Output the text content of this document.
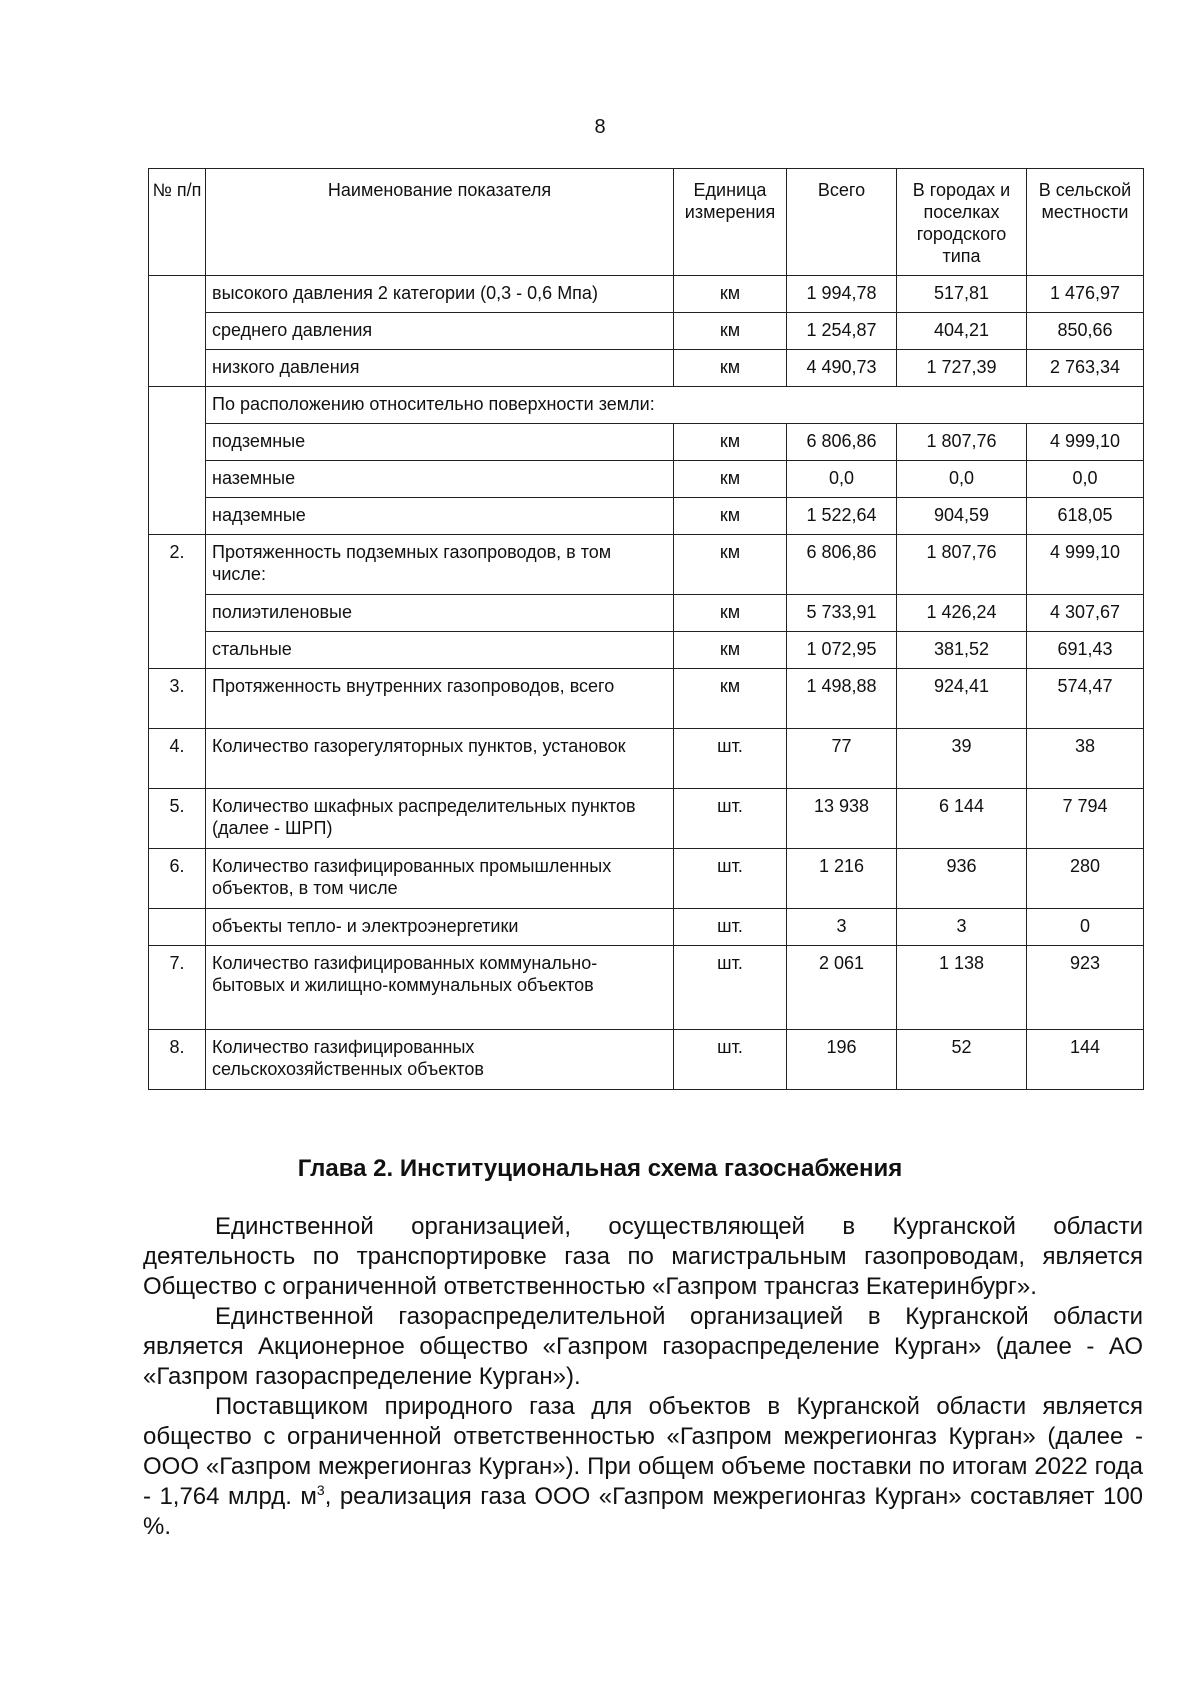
8
№ п/п	Наименование показателя	Единица измерения	Всего	В городах и поселках городского типа	В сельской местности
	высокого давления 2 категории (0,3 - 0,6 Мпа)	км	1 994,78	517,81	1 476,97
	среднего давления	км	1 254,87	404,21	850,66
	низкого давления	км	4 490,73	1 727,39	2 763,34
	По расположению относительно поверхности земли:				
	подземные	км	6 806,86	1 807,76	4 999,10
	наземные	км	0,0	0,0	0,0
	надземные	км	1 522,64	904,59	618,05
2.	Протяженность подземных газопроводов, в том числе:	км	6 806,86	1 807,76	4 999,10
	полиэтиленовые	км	5 733,91	1 426,24	4 307,67
	стальные	км	1 072,95	381,52	691,43
3.	Протяженность внутренних газопроводов, всего	км	1 498,88	924,41	574,47
4.	Количество газорегуляторных пунктов, установок	шт.	77	39	38
5.	Количество шкафных распределительных пунктов (далее - ШРП)	шт.	13 938	6 144	7 794
6.	Количество газифицированных промышленных объектов, в том числе	шт.	1 216	936	280
	объекты тепло- и электроэнергетики	шт.	3	3	0
7.	Количество газифицированных коммунально-бытовых и жилищно-коммунальных объектов	шт.	2 061	1 138	923
8.	Количество газифицированных сельскохозяйственных объектов	шт.	196	52	144
Глава 2. Институциональная схема газоснабжения

Единственной организацией, осуществляющей в Курганской области деятельность по транспортировке газа по магистральным газопроводам, является Общество с ограниченной ответственностью «Газпром трансгаз Екатеринбург».

Единственной газораспределительной организацией в Курганской области является Акционерное общество «Газпром газораспределение Курган» (далее - АО «Газпром газораспределение Курган»).

Поставщиком природного газа для объектов в Курганской области является общество с ограниченной ответственностью «Газпром межрегионгаз Курган» (далее - ООО «Газпром межрегионгаз Курган»). При общем объеме поставки по итогам 2022 года - 1,764 млрд. $м^3$, реализация газа ООО «Газпром межрегионгаз Курган» составляет 100 %.
